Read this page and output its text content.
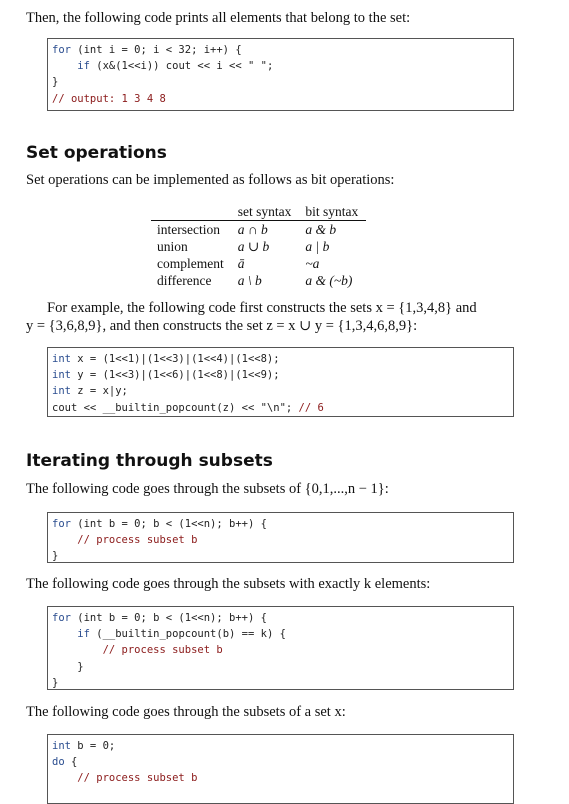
Then, the following code prints all elements that belong to the set:
for (int i = 0; i < 32; i++) {
if (x&(1<<i)) cout << i << " ";
}
// output: 1 3 4 8
Set operations
Set operations can be implemented as follows as bit operations:
	set syntax	bit syntax
intersection	a ∩ b	a & b
union	a ∪ b	a | b
complement	ā	~a
difference	a \ b	a & (~b)
For example, the following code first constructs the sets x = {1,3,4,8} and
y = {3,6,8,9}, and then constructs the set z = x ∪ y = {1,3,4,6,8,9}:
int x = (1<<1)|(1<<3)|(1<<4)|(1<<8);
int y = (1<<3)|(1<<6)|(1<<8)|(1<<9);
int z = x|y;
cout << __builtin_popcount(z) << "\n"; // 6
Iterating through subsets
The following code goes through the subsets of {0,1,...,n − 1}:
for (int b = 0; b < (1<<n); b++) {
// process subset b
}
The following code goes through the subsets with exactly k elements:
for (int b = 0; b < (1<<n); b++) {
if (__builtin_popcount(b) == k) {
// process subset b
}
}
The following code goes through the subsets of a set x:
int b = 0;
do {
// process subset b
